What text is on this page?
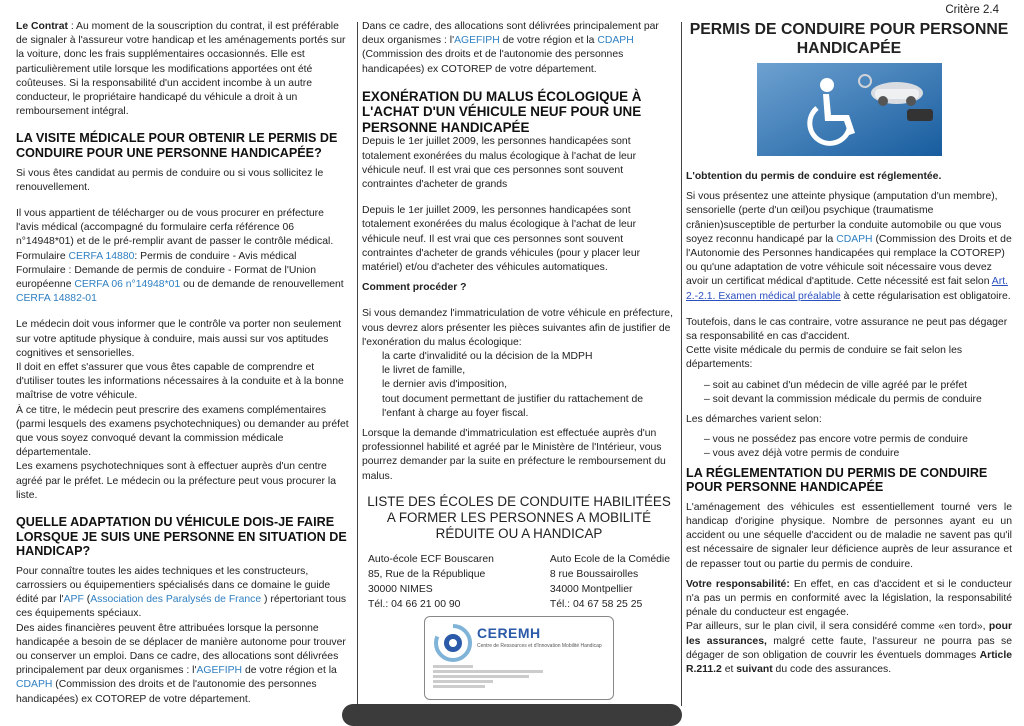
Critère 2.4

Le Contrat : Au moment de la souscription du contrat, il est préférable de signaler à l'assureur votre handicap et les aménagements portés sur la voiture, donc les frais supplémentaires occasionnés. Elle est particulièrement utile lorsque les modifications apportées ont été coûteuses. Si la responsabilité d'un accident incombe à un autre conducteur, le propriétaire handicapé du véhicule a droit à un remboursement intégral.

LA VISITE MÉDICALE POUR OBTENIR LE PERMIS DE CONDUIRE POUR UNE PERSONNE HANDICAPÉE?

Si vous êtes candidat au permis de conduire ou si vous sollicitez le renouvellement.

Il vous appartient de télécharger ou de vous procurer en préfecture l'avis médical (accompagné du formulaire cerfa référence 06 n°14948*01) et de le pré-remplir avant de passer le contrôle médical. Formulaire CERFA 14880: Permis de conduire - Avis médical Formulaire : Demande de permis de conduire - Format de l'Union européenne CERFA 06 n°14948*01 ou de demande de renouvellement CERFA 14882-01

Le médecin doit vous informer que le contrôle va porter non seulement sur votre aptitude physique à conduire, mais aussi sur vos aptitudes cognitives et sensorielles.

Il doit en effet s'assurer que vous êtes capable de comprendre et d'utiliser toutes les informations nécessaires à la conduite et à la bonne maîtrise de votre véhicule.

À ce titre, le médecin peut prescrire des examens complémentaires (parmi lesquels des examens psychotechniques) ou demander au préfet que vous soyez convoqué devant la commission médicale départementale.

Les examens psychotechniques sont à effectuer auprès d'un centre agréé par le préfet. Le médecin ou la préfecture peut vous procurer la liste.

QUELLE ADAPTATION DU VÉHICULE DOIS-JE FAIRE LORSQUE JE SUIS UNE PERSONNE EN SITUATION DE HANDICAP?

Pour connaître toutes les aides techniques et les constructeurs, carrossiers ou équipementiers spécialisés dans ce domaine le guide édité par l'APF (Association des Paralysés de France ) répertoriant tous ces équipements spéciaux.

Des aides financières peuvent être attribuées lorsque la personne handicapée a besoin de se déplacer de manière autonome pour trouver ou conserver un emploi. Dans ce cadre, des allocations sont délivrées principalement par deux organismes : l'AGEFIPH de votre région et la CDAPH (Commission des droits et de l'autonomie des personnes handicapées) ex COTOREP de votre département.

Dans ce cadre, des allocations sont délivrées principalement par deux organismes : l'AGEFIPH de votre région et la CDAPH (Commission des droits et de l'autonomie des personnes handicapées) ex COTOREP de votre département.

EXONÉRATION DU MALUS ÉCOLOGIQUE À L'ACHAT D'UN VÉHICULE NEUF POUR UNE PERSONNE HANDICAPÉE

Depuis le 1er juillet 2009, les personnes handicapées sont totalement exonérées du malus écologique à l'achat de leur véhicule neuf. Il est vrai que ces personnes sont souvent contraintes d'acheter de grands

Depuis le 1er juillet 2009, les personnes handicapées sont totalement exonérées du malus écologique à l'achat de leur véhicule neuf. Il est vrai que ces personnes sont souvent contraintes d'acheter de grands véhicules (pour y placer leur matériel) et/ou d'acheter des véhicules automatiques.

Comment procéder ?

Si vous demandez l'immatriculation de votre véhicule en préfecture, vous devrez alors présenter les pièces suivantes afin de justifier de l'exonération du malus écologique:

la carte d'invalidité ou la décision de la MDPH

le livret de famille,

le dernier avis d'imposition,

tout document permettant de justifier du rattachement de l'enfant à charge au foyer fiscal.

Lorsque la demande d'immatriculation est effectuée auprès d'un professionnel habilité et agréé par le Ministère de l'Intérieur, vous pourrez demander par la suite en préfecture le remboursement du malus.

LISTE DES ÉCOLES DE CONDUITE HABILITÉES A FORMER LES PERSONNES A MOBILITÉ RÉDUITE OU A HANDICAP

Auto-école ECF Bouscaren
85, Rue de la République
30000 NIMES
Tél.: 04 66 21 00 90
Auto Ecole de la Comédie
8 rue Boussairolles
34000 Montpellier
Tél.: 04 67 58 25 25
CEREMH
Centre de Ressources et d'Innovation Mobilité Handicap
PERMIS DE CONDUIRE POUR PERSONNE HANDICAPÉE

L'obtention du permis de conduire est réglementée.

Si vous présentez une atteinte physique (amputation d'un membre), sensorielle (perte d'un œil)ou psychique (traumatisme crânien)susceptible de perturber la conduite automobile ou que vous soyez reconnu handicapé par la CDAPH (Commission des Droits et de l'Autonomie des Personnes handicapées qui remplace la COTOREP) ou qu'une adaptation de votre véhicule soit nécessaire vous devez avoir un certificat médical d'aptitude. Cette nécessité est fait selon Art. 2.-2.1. Examen médical préalable à cette régularisation est obligatoire.

Toutefois, dans le cas contraire, votre assurance ne peut pas dégager sa responsabilité en cas d'accident.

Cette visite médicale du permis de conduire se fait selon les départements:

– soit au cabinet d'un médecin de ville agréé par le préfet

– soit devant la commission médicale du permis de conduire

Les démarches varient selon:

– vous ne possédez pas encore votre permis de conduire

– vous avez déjà votre permis de conduire

LA RÉGLEMENTATION DU PERMIS DE CONDUIRE POUR PERSONNE HANDICAPÉE

L'aménagement des véhicules est essentiellement tourné vers le handicap d'origine physique. Nombre de personnes ayant eu un accident ou une séquelle d'accident ou de maladie ne savent pas qu'il est nécessaire de signaler leur déficience auprès de leur assurance et de repasser tout ou partie du permis de conduire.

Votre responsabilité: En effet, en cas d'accident et si le conducteur n'a pas un permis en conformité avec la législation, la responsabilité pénale du conducteur est engagée.

Par ailleurs, sur le plan civil, il sera considéré comme «en tord», pour les assurances, malgré cette faute, l'assureur ne pourra pas se dégager de son obligation de couvrir les éventuels dommages Article R.211.2 et suivant du code des assurances.
